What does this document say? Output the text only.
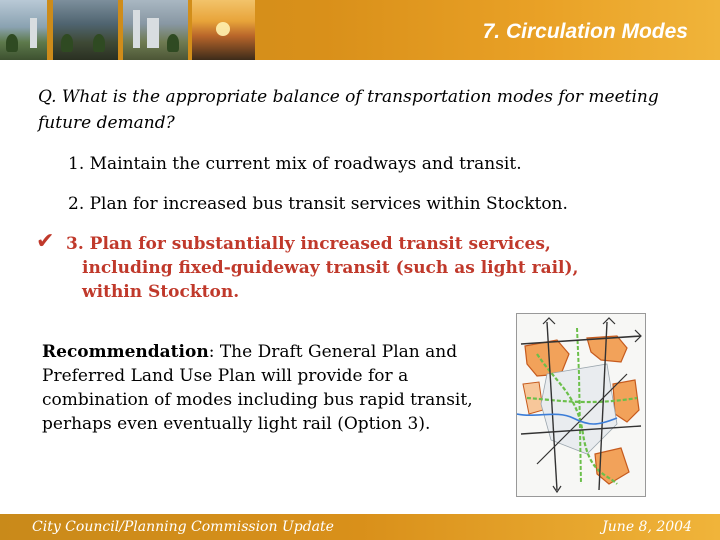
7. Circulation Modes
Q. What is the appropriate balance of transportation modes for meeting future demand?
1. Maintain the current mix of roadways and transit.
2. Plan for increased bus transit services within Stockton.
✔ 3. Plan for substantially increased transit services, including fixed-guideway transit (such as light rail), within Stockton.
Recommendation: The Draft General Plan and Preferred Land Use Plan will provide for a combination of modes including bus rapid transit, perhaps even eventually light rail (Option 3).
City Council/Planning Commission Update	June 8, 2004
